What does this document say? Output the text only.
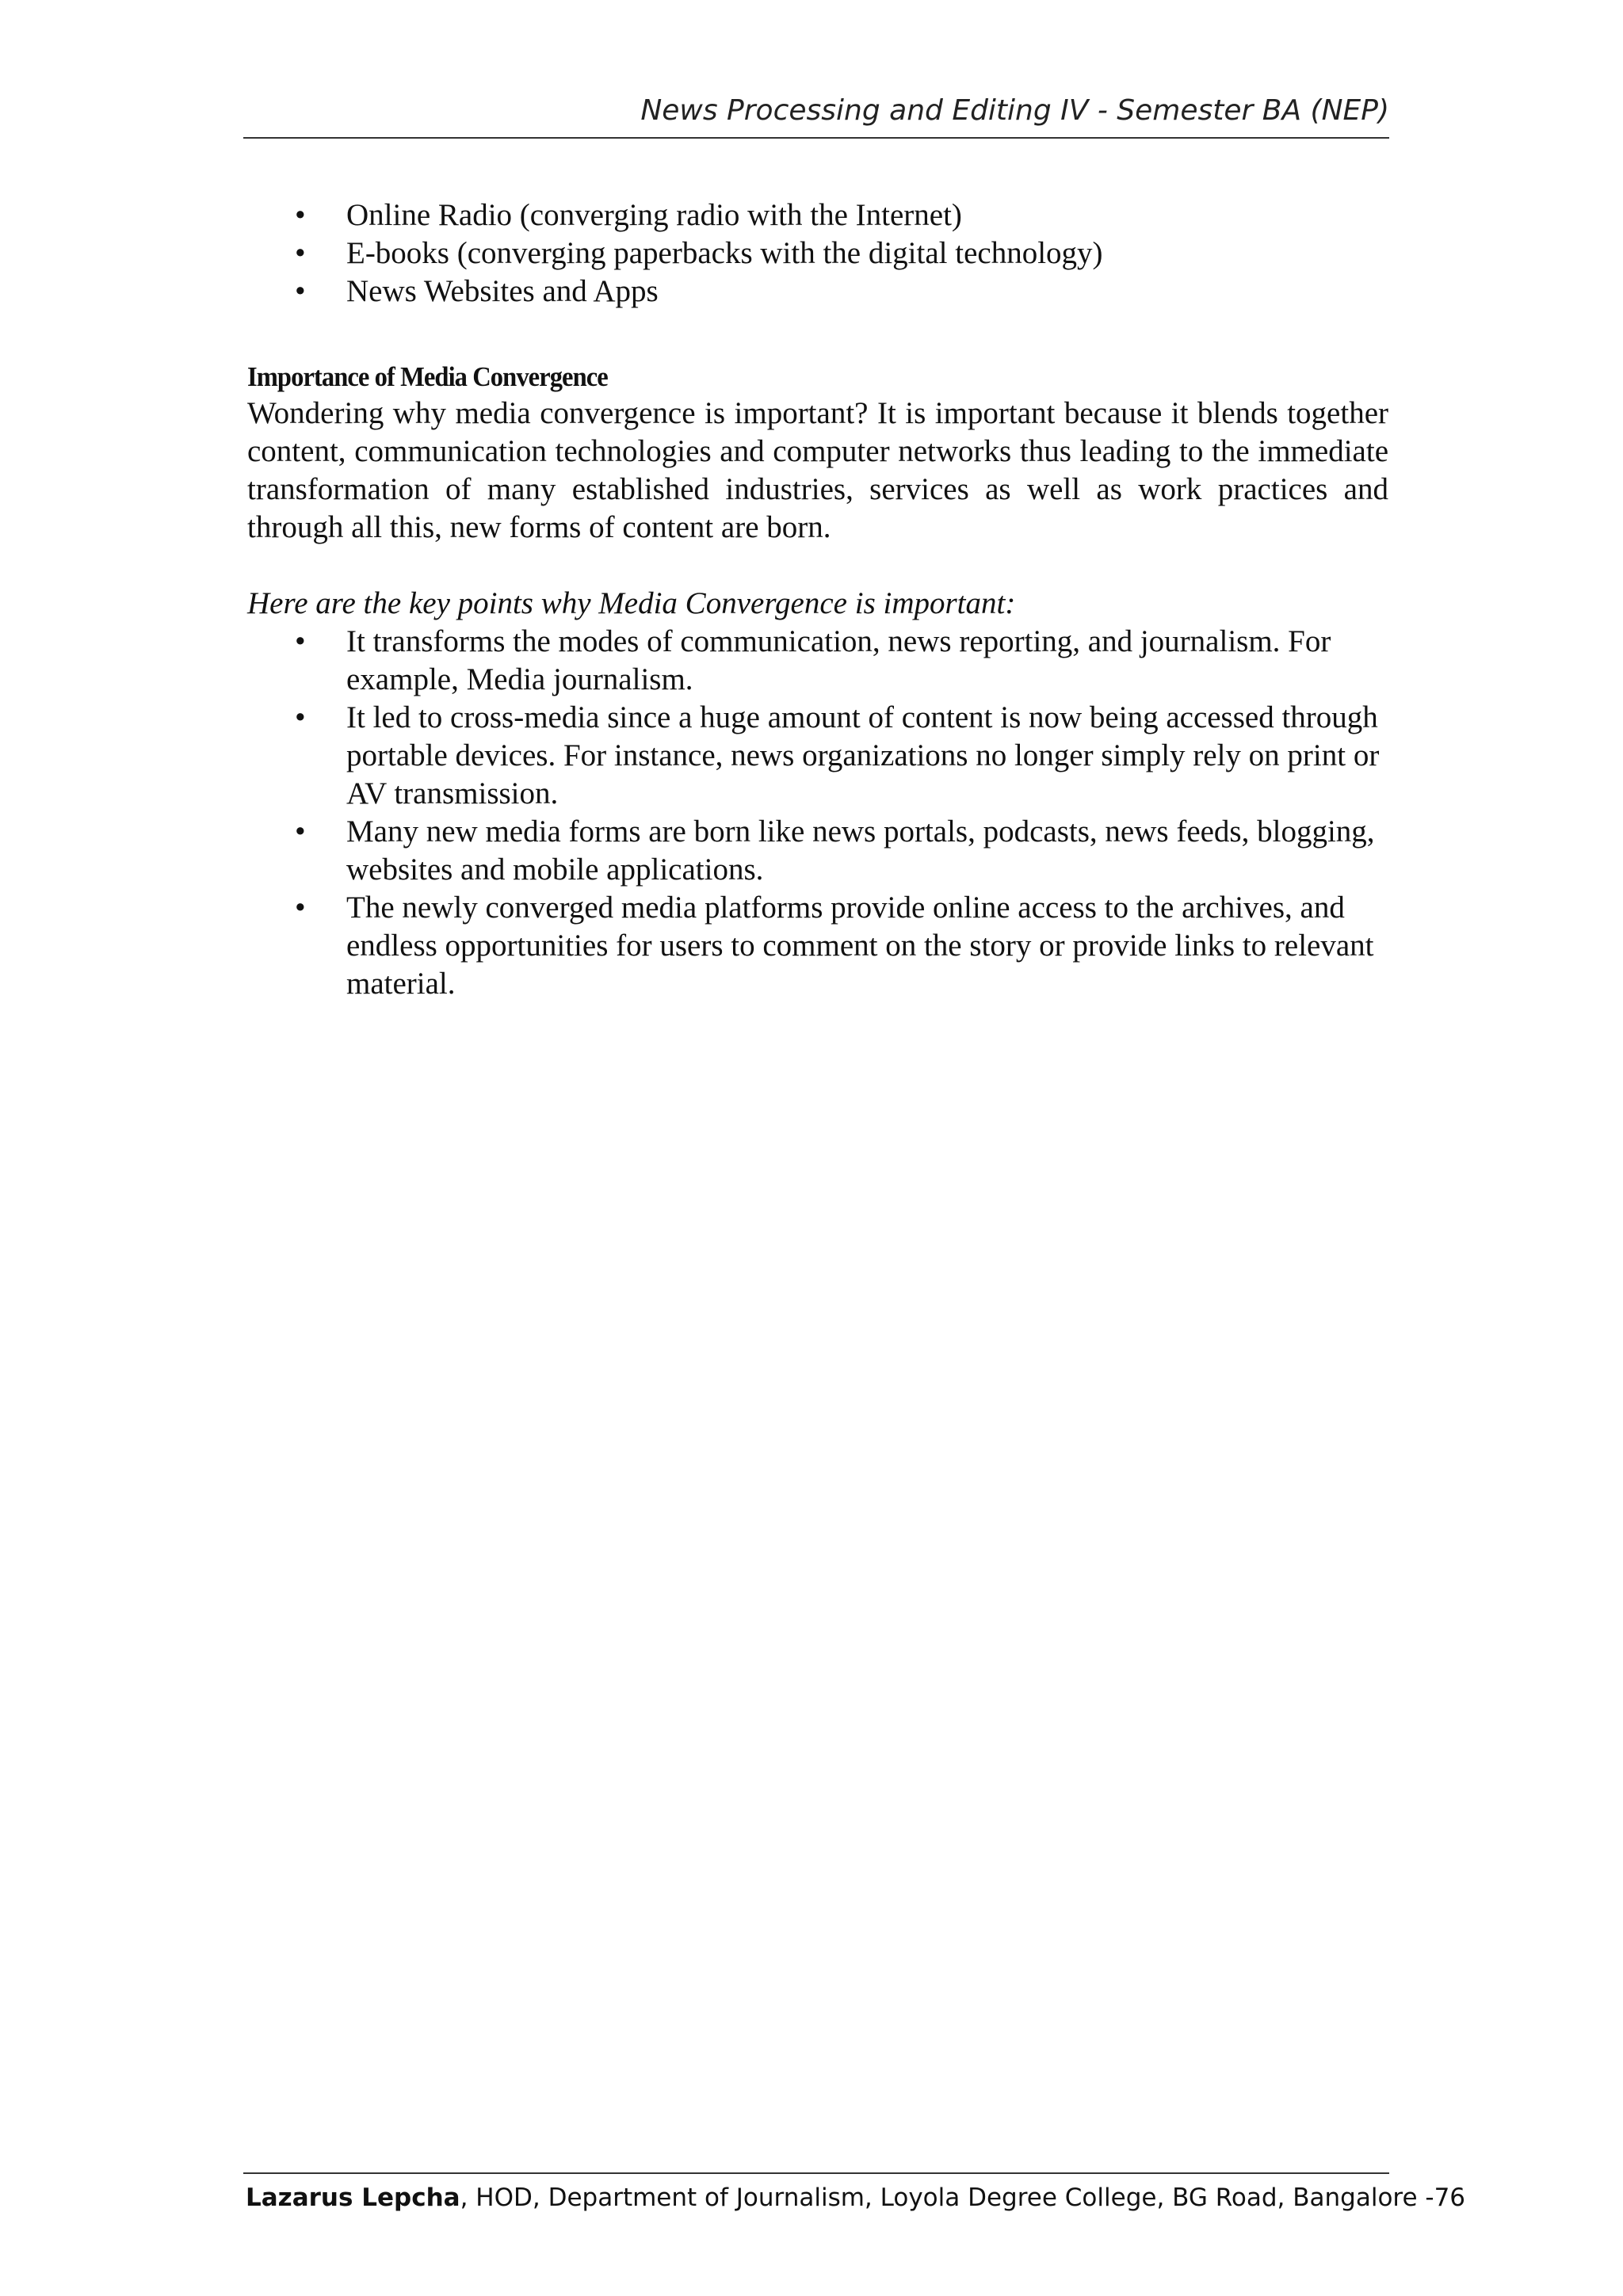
News Processing and Editing IV - Semester BA (NEP)
•	Online Radio (converging radio with the Internet)
•	E-books (converging paperbacks with the digital technology)
•	News Websites and Apps
Importance of Media Convergence

Wondering why media convergence is important? It is important because it blends together content, communication technologies and computer networks thus leading to the immediate transformation of many established industries, services as well as work practices and through all this, new forms of content are born.

Here are the key points why Media Convergence is important:

•	It transforms the modes of communication, news reporting, and journalism. For example, Media journalism.
•	It led to cross-media since a huge amount of content is now being accessed through portable devices. For instance, news organizations no longer simply rely on print or AV transmission.
•	Many new media forms are born like news portals, podcasts, news feeds, blogging, websites and mobile applications.
•	The newly converged media platforms provide online access to the archives, and endless opportunities for users to comment on the story or provide links to relevant material.
Lazarus Lepcha, HOD, Department of Journalism, Loyola Degree College, BG Road, Bangalore -76
